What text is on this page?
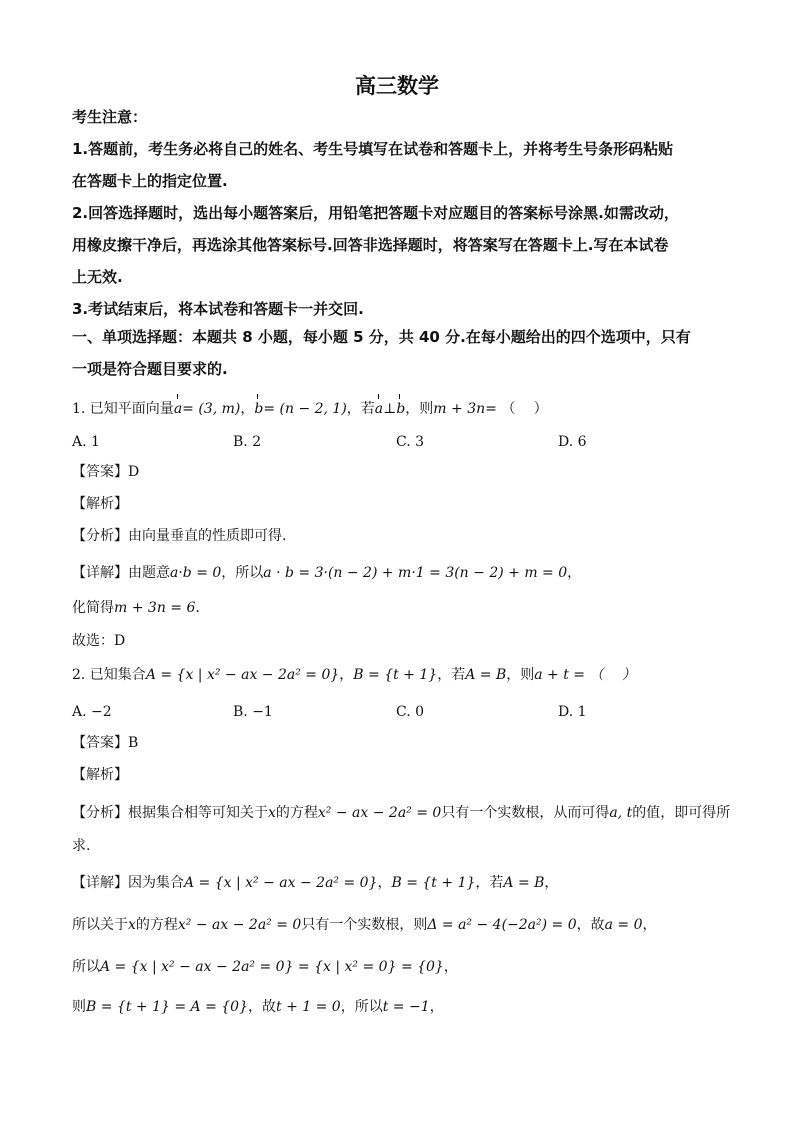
高三数学
考生注意：
1.答题前，考生务必将自己的姓名、考生号填写在试卷和答题卡上，并将考生号条形码粘贴
在答题卡上的指定位置.
2.回答选择题时，选出每小题答案后，用铅笔把答题卡对应题目的答案标号涂黑.如需改动，
用橡皮擦干净后，再选涂其他答案标号.回答非选择题时，将答案写在答题卡上.写在本试卷
上无效.
3.考试结束后，将本试卷和答题卡一并交回.
一、单项选择题：本题共 8 小题，每小题 5 分，共 40 分.在每小题给出的四个选项中，只有
一项是符合题目要求的.
1. 已知平面向量a= (3, m)，b= (n − 2, 1)，若a⊥b，则m + 3n= （　 ）
A. 1	B. 2	C. 3	D. 6
【答案】D
【解析】
【分析】由向量垂直的性质即可得.
【详解】由题意a·b = 0，所以a · b = 3·(n − 2) + m·1 = 3(n − 2) + m = 0，
化简得m + 3n = 6.
故选：D
2. 已知集合A = {x | x² − ax − 2a² = 0}，B = {t + 1}，若A = B，则a + t = （　 ）
A. −2	B. −1	C. 0	D. 1
【答案】B
【解析】
【分析】根据集合相等可知关于x的方程x² − ax − 2a² = 0只有一个实数根，从而可得a, t的值，即可得所
求.
【详解】因为集合A = {x | x² − ax − 2a² = 0}，B = {t + 1}，若A = B，
所以关于x的方程x² − ax − 2a² = 0只有一个实数根，则Δ = a² − 4(−2a²) = 0，故a = 0，
所以A = {x | x² − ax − 2a² = 0} = {x | x² = 0} = {0}，
则B = {t + 1} = A = {0}，故t + 1 = 0，所以t = −1，
